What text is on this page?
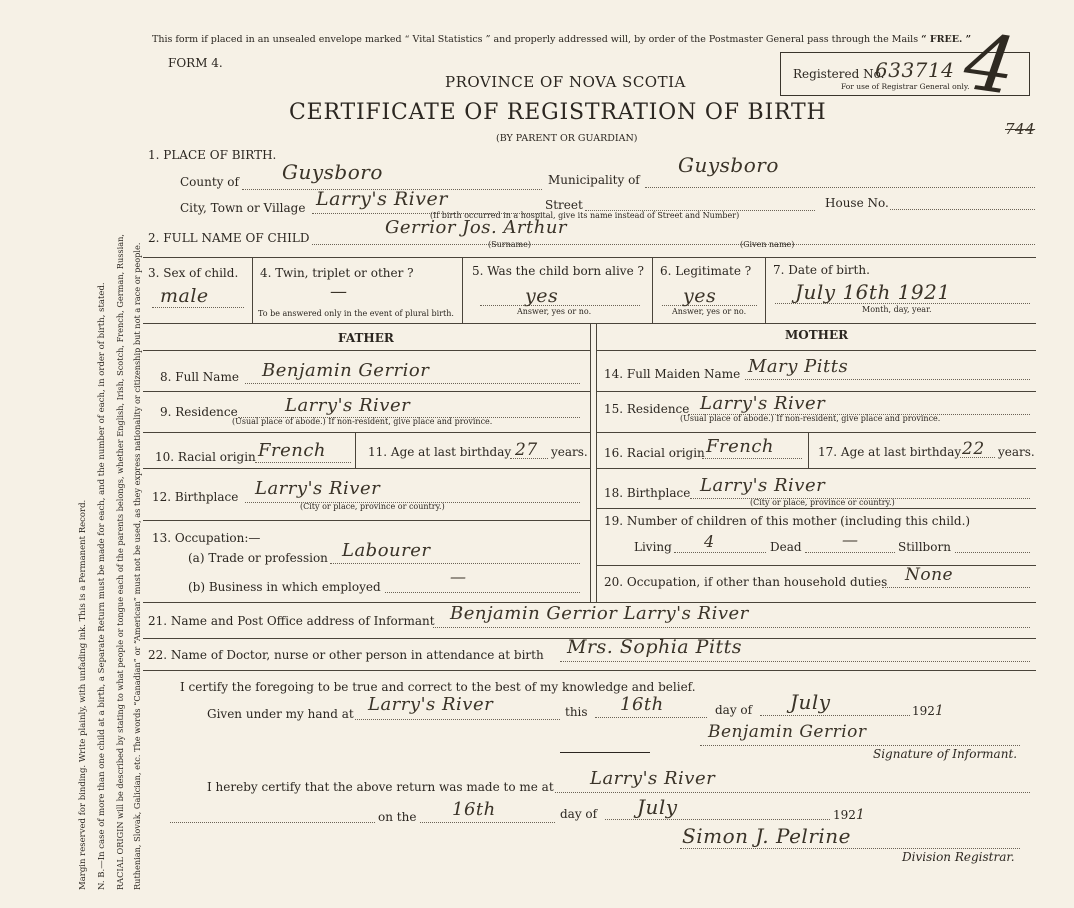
Margin reserved for binding. Write plainly, with unfading ink. This is a Permanent Record. N. B.—In case of more than one child at a birth, a Separate Return must be made for each, and the number of each, in order of birth, stated. RACIAL ORIGIN will be described by stating to what people or tongue each of the parents belongs, whether English, Irish, Scotch, French, German, Russian, Ruthenian, Slovak, Galician, etc. The words “Canadian” or “American” must not be used, as they express nationality or citizenship but not a race or people.
This form if placed in an unsealed envelope marked “ Vital Statistics ” and properly addressed will, by order of the Postmaster General pass through the Mails “ FREE. ”
FORM 4.
PROVINCE OF NOVA SCOTIA
CERTIFICATE OF REGISTRATION OF BIRTH
(BY PARENT OR GUARDIAN)
Registered No.
633714
For use of Registrar General only.
4
744
1. PLACE OF BIRTH.
County of Guysboro	Municipality of
Guysboro
City, Town or Village Larry's River	Street	House No.
(If birth occurred in a hospital, give its name instead of Street and Number)
2. FULL NAME OF CHILD	Gerrior Jos. Arthur
(Surname)	(Given name)
3. Sex of child.
male
4. Twin, triplet or other ?
—
To be answered only in the event of plural birth.
5. Was the child born alive ?
yes
Answer, yes or no.
6. Legitimate ?
yes
Answer, yes or no.
7. Date of birth.
July 16th 1921
Month, day, year.
FATHER	MOTHER
8. Full Name Benjamin Gerrior
9. Residence	Larry's River
(Usual place of abode.) If non-resident, give place and province.
10. Racial origin French	11. Age at last birthday 27 years.
12. Birthplace Larry's River
(City or place, province or country.)
13. Occupation:—
(a) Trade or profession Labourer
(b) Business in which employed
—
14. Full Maiden Name Mary Pitts
15. Residence Larry's River
(Usual place of abode.) If non-resident, give place and province.
16. Racial origin French	17. Age at last birthday 22 years.
18. Birthplace Larry's River
(City or place, province or country.)
19. Number of children of this mother (including this child.)
Living 4	Dead	—	Stillborn
20. Occupation, if other than household duties None
21. Name and Post Office address of Informant Benjamin Gerrior Larry's River
22. Name of Doctor, nurse or other person in attendance at birth Mrs. Sophia Pitts
I certify the foregoing to be true and correct to the best of my knowledge and belief.
Given under my hand at Larry's River	this 16th	day of July	1921
Benjamin Gerrior
Signature of Informant.
I hereby certify that the above return was made to me at Larry's River
on the 16th	day of July	1921
Simon J. Pelrine
Division Registrar.
